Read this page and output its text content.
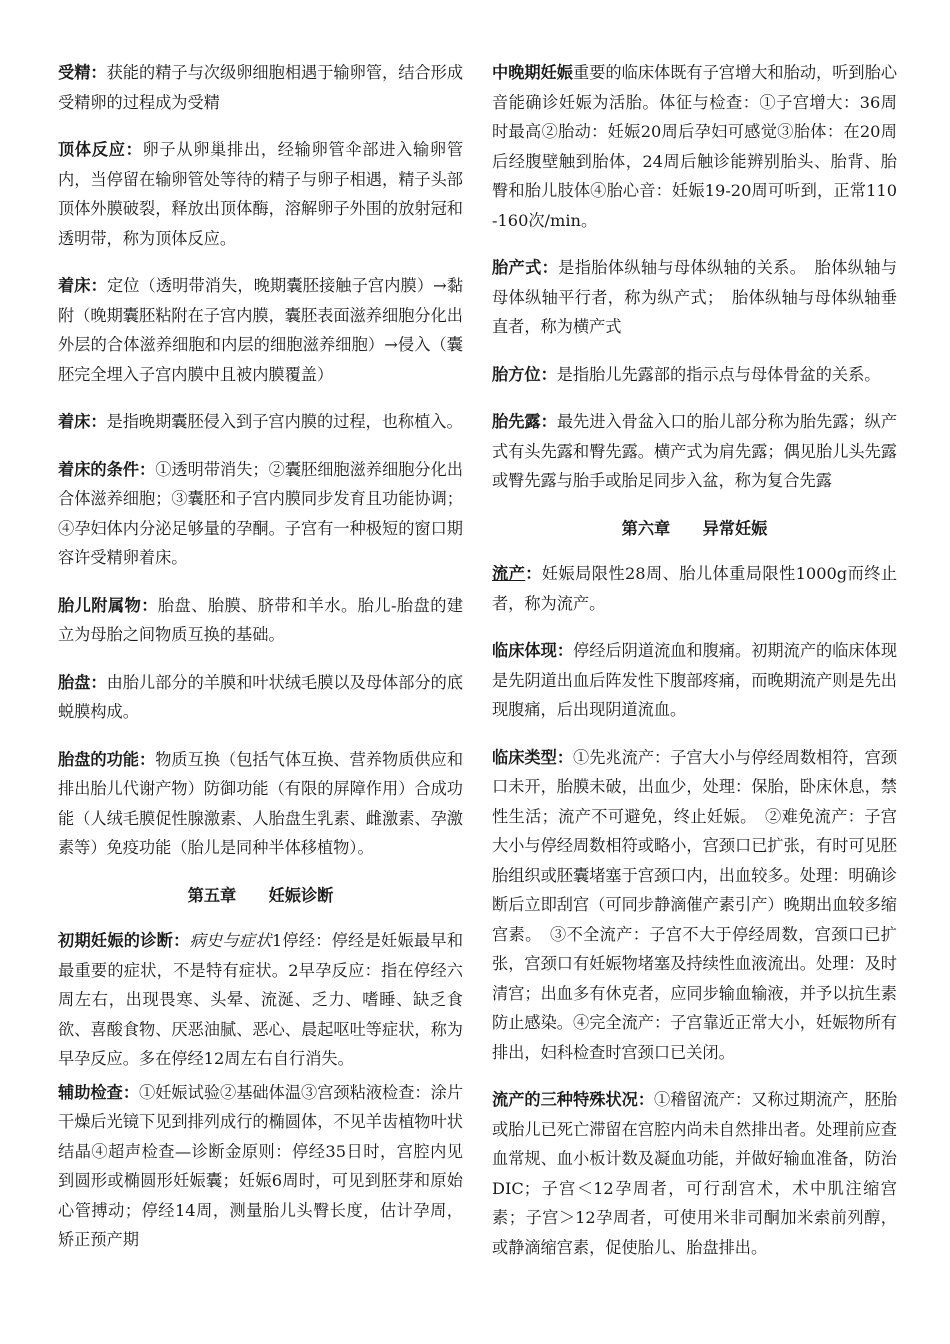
受精：获能的精子与次级卵细胞相遇于输卵管，结合形成受精卵的过程成为受精

顶体反应：卵子从卵巢排出，经输卵管伞部进入输卵管内，当停留在输卵管处等待的精子与卵子相遇，精子头部顶体外膜破裂，释放出顶体酶，溶解卵子外围的放射冠和透明带，称为顶体反应。

着床：定位（透明带消失，晚期囊胚接触子宫内膜）→黏附（晚期囊胚粘附在子宫内膜，囊胚表面滋养细胞分化出外层的合体滋养细胞和内层的细胞滋养细胞）→侵入（囊胚完全埋入子宫内膜中且被内膜覆盖）

着床：是指晚期囊胚侵入到子宫内膜的过程，也称植入。

着床的条件：①透明带消失；②囊胚细胞滋养细胞分化出合体滋养细胞；③囊胚和子宫内膜同步发育且功能协调；④孕妇体内分泌足够量的孕酮。子宫有一种极短的窗口期容许受精卵着床。

胎儿附属物：胎盘、胎膜、脐带和羊水。胎儿-胎盘的建立为母胎之间物质互换的基础。

胎盘：由胎儿部分的羊膜和叶状绒毛膜以及母体部分的底蜕膜构成。

胎盘的功能：物质互换（包括气体互换、营养物质供应和排出胎儿代谢产物）防御功能（有限的屏障作用）合成功能（人绒毛膜促性腺激素、人胎盘生乳素、雌激素、孕激素等）免疫功能（胎儿是同种半体移植物）。

第五章　　妊娠诊断

初期妊娠的诊断：病史与症状1停经：停经是妊娠最早和最重要的症状，不是特有症状。2早孕反应：指在停经六周左右，出现畏寒、头晕、流涎、乏力、嗜睡、缺乏食欲、喜酸食物、厌恶油腻、恶心、晨起呕吐等症状，称为早孕反应。多在停经12周左右自行消失。

辅助检查：①妊娠试验②基础体温③宫颈粘液检查：涂片干燥后光镜下见到排列成行的椭圆体，不见羊齿植物叶状结晶④超声检查—诊断金原则：停经35日时，宫腔内见到圆形或椭圆形妊娠囊；妊娠6周时，可见到胚芽和原始心管搏动；停经14周，测量胎儿头臀长度，估计孕周，矫正预产期

中晚期妊娠重要的临床体既有子宫增大和胎动，听到胎心音能确诊妊娠为活胎。体征与检查：①子宫增大：36周时最高②胎动：妊娠20周后孕妇可感觉③胎体：在20周后经腹壁触到胎体，24周后触诊能辨别胎头、胎背、胎臀和胎儿肢体④胎心音：妊娠19-20周可听到，正常110-160次/min。

胎产式：是指胎体纵轴与母体纵轴的关系。　胎体纵轴与母体纵轴平行者，称为纵产式；　胎体纵轴与母体纵轴垂直者，称为横产式

胎方位：是指胎儿先露部的指示点与母体骨盆的关系。

胎先露：最先进入骨盆入口的胎儿部分称为胎先露；纵产式有头先露和臀先露。横产式为肩先露；偶见胎儿头先露或臀先露与胎手或胎足同步入盆，称为复合先露

第六章　　异常妊娠

流产：妊娠局限性28周、胎儿体重局限性1000g而终止者，称为流产。

临床体现：停经后阴道流血和腹痛。初期流产的临床体现是先阴道出血后阵发性下腹部疼痛，而晚期流产则是先出现腹痛，后出现阴道流血。

临床类型：①先兆流产：子宫大小与停经周数相符，宫颈口未开，胎膜未破，出血少，处理：保胎，卧床休息，禁性生活；流产不可避免，终止妊娠。　②难免流产：子宫大小与停经周数相符或略小，宫颈口已扩张，有时可见胚胎组织或胚囊堵塞于宫颈口内，出血较多。处理：明确诊断后立即刮宫（可同步静滴催产素引产）晚期出血较多缩宫素。　③不全流产：子宫不大于停经周数，宫颈口已扩张，宫颈口有妊娠物堵塞及持续性血液流出。处理：及时清宫；出血多有休克者，应同步输血输液，并予以抗生素防止感染。④完全流产：子宫靠近正常大小，妊娠物所有排出，妇科检查时宫颈口已关闭。

流产的三种特殊状况：①稽留流产：又称过期流产，胚胎或胎儿已死亡滞留在宫腔内尚未自然排出者。处理前应查血常规、血小板计数及凝血功能，并做好输血准备，防治DIC；子宫＜12孕周者，可行刮宫术，术中肌注缩宫素；子宫＞12孕周者，可使用米非司酮加米索前列醇，或静滴缩宫素，促使胎儿、胎盘排出。
